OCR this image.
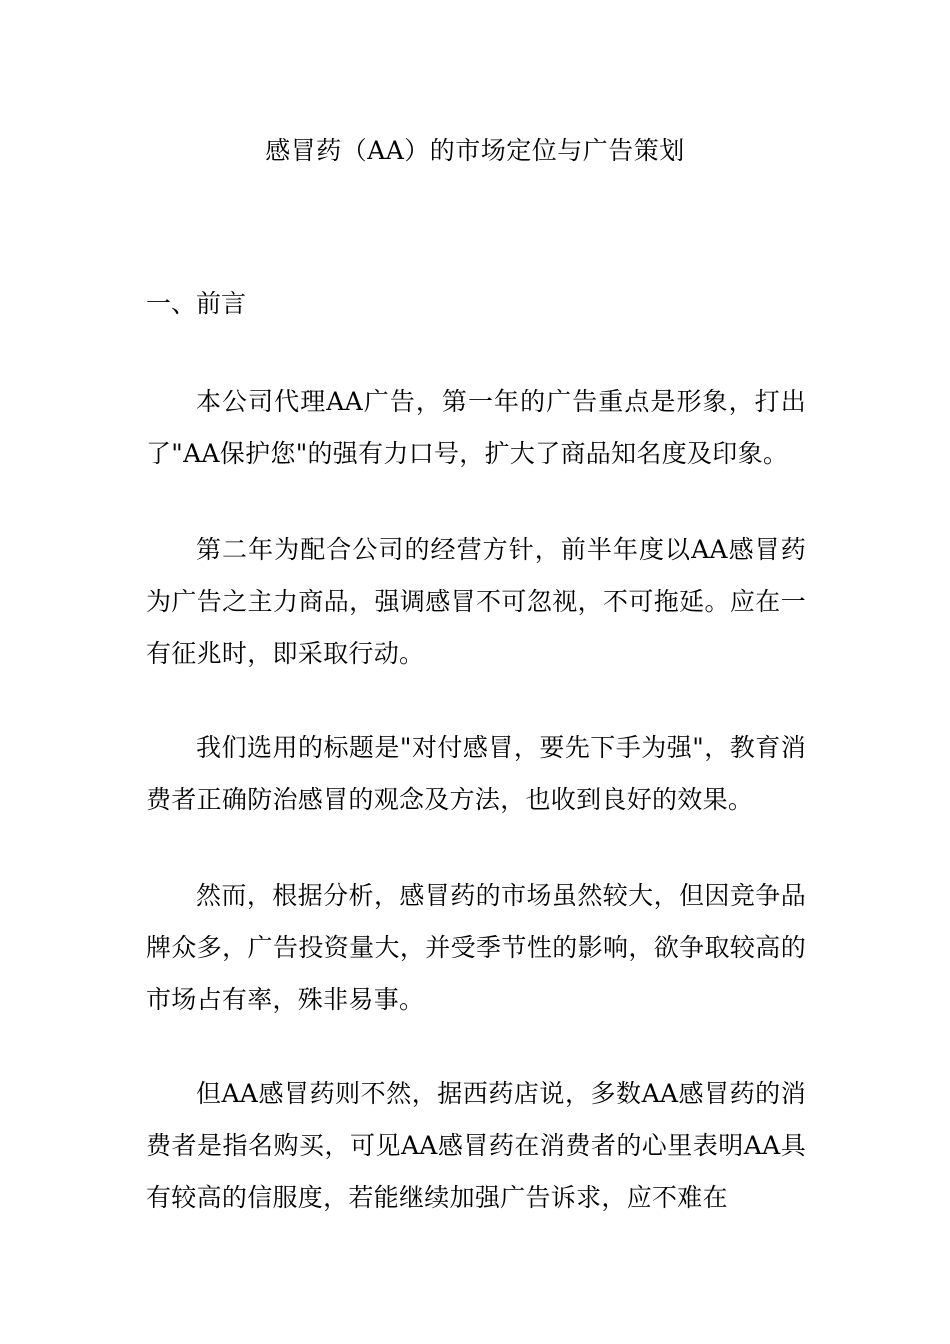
感冒药（AA）的市场定位与广告策划
一、前言

本公司代理AA广告，第一年的广告重点是形象，打出了"AA保护您"的强有力口号，扩大了商品知名度及印象。

第二年为配合公司的经营方针，前半年度以AA感冒药为广告之主力商品，强调感冒不可忽视，不可拖延。应在一有征兆时，即采取行动。

我们选用的标题是"对付感冒，要先下手为强"，教育消费者正确防治感冒的观念及方法，也收到良好的效果。

然而，根据分析，感冒药的市场虽然较大，但因竞争品牌众多，广告投资量大，并受季节性的影响，欲争取较高的市场占有率，殊非易事。

但AA感冒药则不然，据西药店说，多数AA感冒药的消费者是指名购买，可见AA感冒药在消费者的心里表明AA具有较高的信服度，若能继续加强广告诉求，应不难在
